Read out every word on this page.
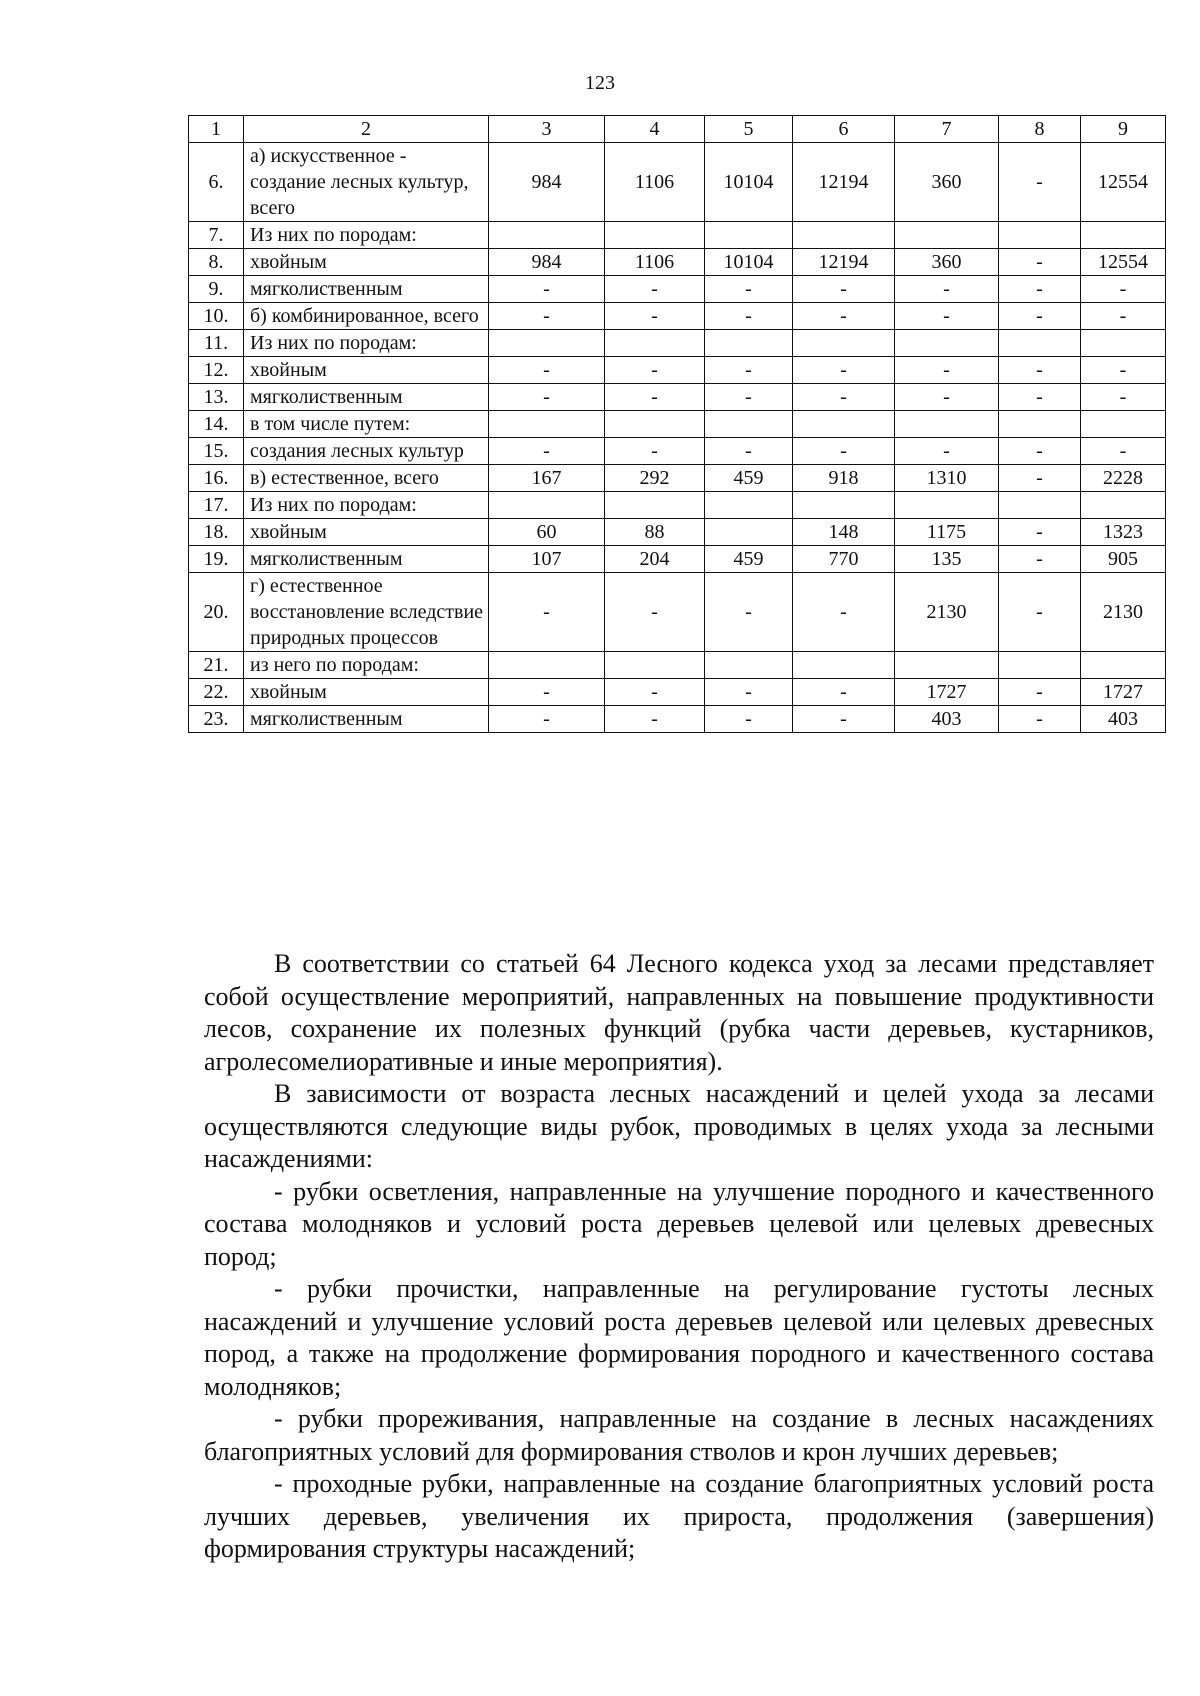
123
1	2	3	4	5	6	7	8	9
6.	а) искусственное - создание лесных культур, всего	984	1106	10104	12194	360	-	12554
7.	Из них по породам:							
8.	хвойным	984	1106	10104	12194	360	-	12554
9.	мягколиственным	-	-	-	-	-	-	-
10.	б) комбинированное, всего	-	-	-	-	-	-	-
11.	Из них по породам:							
12.	хвойным	-	-	-	-	-	-	-
13.	мягколиственным	-	-	-	-	-	-	-
14.	в том числе путем:							
15.	создания лесных культур	-	-	-	-	-	-	-
16.	в) естественное, всего	167	292	459	918	1310	-	2228
17.	Из них по породам:							
18.	хвойным	60	88		148	1175	-	1323
19.	мягколиственным	107	204	459	770	135	-	905
20.	г) естественное восстановление вследствие природных процессов	-	-	-	-	2130	-	2130
21.	из него по породам:							
22.	хвойным	-	-	-	-	1727	-	1727
23.	мягколиственным	-	-	-	-	403	-	403

В соответствии со статьей 64 Лесного кодекса уход за лесами представляет собой осуществление мероприятий, направленных на повышение продуктивности лесов, сохранение их полезных функций (рубка части деревьев, кустарников, агролесомелиоративные и иные мероприятия).

В зависимости от возраста лесных насаждений и целей ухода за лесами осуществляются следующие виды рубок, проводимых в целях ухода за лесными насаждениями:

- рубки осветления, направленные на улучшение породного и качественного состава молодняков и условий роста деревьев целевой или целевых древесных пород;

- рубки прочистки, направленные на регулирование густоты лесных насаждений и улучшение условий роста деревьев целевой или целевых древесных пород, а также на продолжение формирования породного и качественного состава молодняков;

- рубки прореживания, направленные на создание в лесных насаждениях благоприятных условий для формирования стволов и крон лучших деревьев;

- проходные рубки, направленные на создание благоприятных условий роста лучших деревьев, увеличения их прироста, продолжения (завершения) формирования структуры насаждений;
